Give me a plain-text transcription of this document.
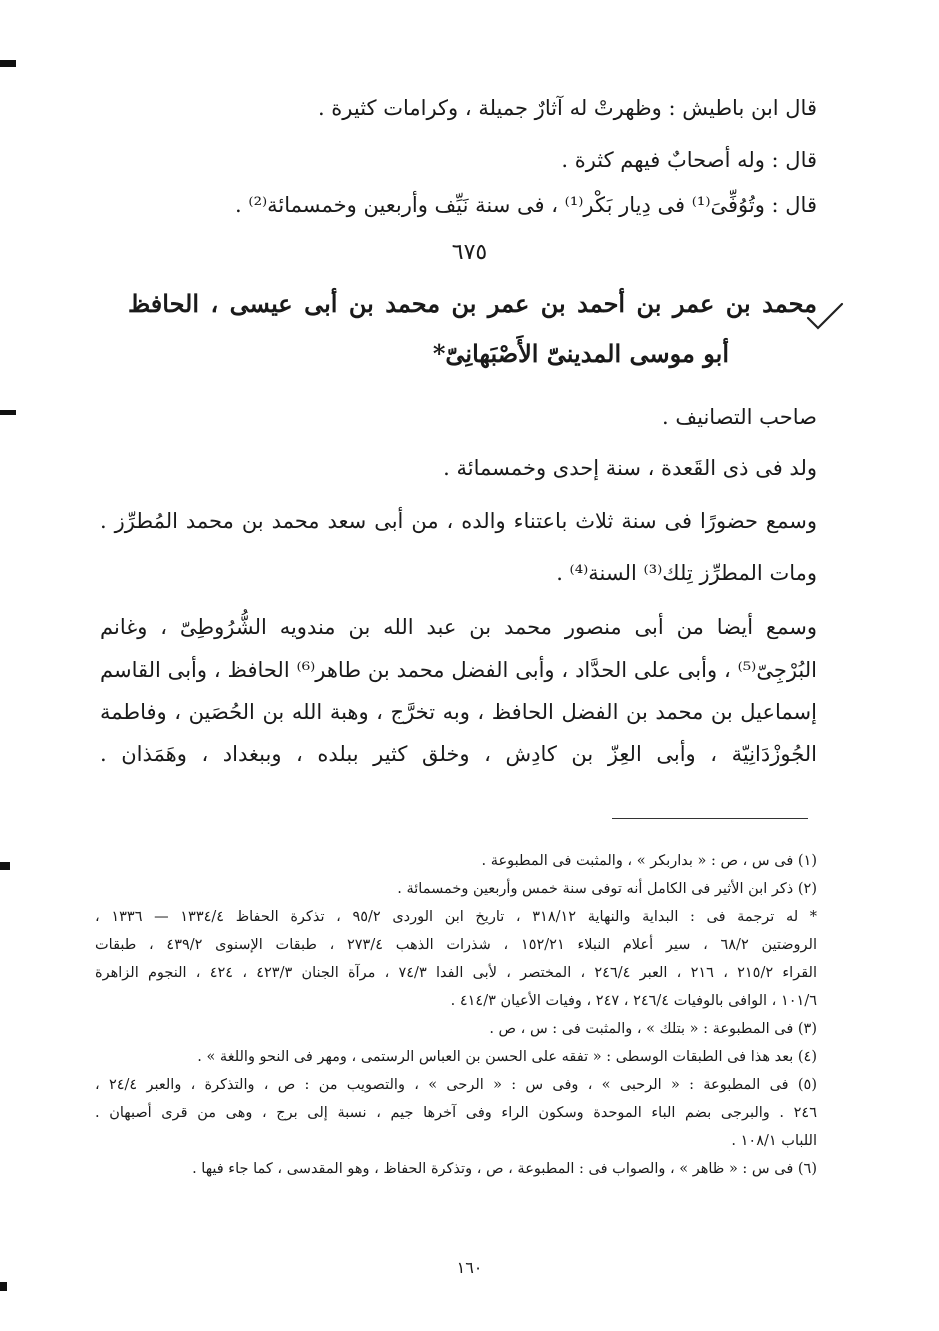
قال ابن باطيش : وظهرتْ له آثارٌ جميلة ، وكرامات كثيرة .
قال : وله أصحابٌ فيهم كثرة .
قال : وتُوُفِّىَ⁽¹⁾ فى دِيار بَكْر⁽¹⁾ ، فى سنة نَيِّف وأربعين وخمسمائة⁽²⁾ .
٦٧٥
محمد بن عمر بن أحمد بن عمر بن محمد بن أبى عيسى ، الحافظ
أبو موسى المدينىّ الأَصْبَهانِىّ*
صاحب التصانيف .
ولد فى ذى القَعدة ، سنة إحدى وخمسمائة .
وسمع حضورًا فى سنة ثلاث باعتناء والده ، من أبى سعد محمد بن محمد المُطرِّز .
ومات المطرِّز تِلك⁽³⁾ السنة⁽⁴⁾ .
وسمع أيضا من أبى منصور محمد بن عبد الله بن مندويه الشُّرُوطِىّ ، وغانم
البُرْجِىّ⁽⁵⁾ ، وأبى على الحدَّاد ، وأبى الفضل محمد بن طاهر⁽⁶⁾ الحافظ ، وأبى القاسم
إسماعيل بن محمد بن الفضل الحافظ ، وبه تخرَّج ، وهبة الله بن الحُصَين ، وفاطمة
الجُوزْدَانِيّة ، وأبى العِزّ بن كادِش ، وخلق كثير ببلده ، وببغداد ، وهَمَذان .
(١) فى س ، ص : « بداربكر » ، والمثبت فى المطبوعة .
(٢) ذكر ابن الأثير فى الكامل أنه توفى سنة خمس وأربعين وخمسمائة .
* له ترجمة فى : البداية والنهاية ٣١٨/١٢ ، تاريخ ابن الوردى ٩٥/٢ ، تذكرة الحفاظ ١٣٣٤/٤ — ١٣٣٦ ،
الروضتين ٦٨/٢ ، سير أعلام النبلاء ١٥٢/٢١ ، شذرات الذهب ٢٧٣/٤ ، طبقات الإسنوى ٤٣٩/٢ ، طبقات
القراء ٢١٥/٢ ، ٢١٦ ، العبر ٢٤٦/٤ ، المختصر ، لأبى الفدا ٧٤/٣ ، مرآة الجنان ٤٢٣/٣ ، ٤٢٤ ، النجوم الزاهرة
١٠١/٦ ، الوافى بالوفيات ٢٤٦/٤ ، ٢٤٧ ، وفيات الأعيان ٤١٤/٣ .
(٣) فى المطبوعة : « بتلك » ، والمثبت فى : س ، ص .
(٤) بعد هذا فى الطبقات الوسطى : « تفقه على الحسن بن العباس الرستمى ، ومهر فى النحو واللغة » .
(٥) فى المطبوعة : « الرحبى » ، وفى س : « الرحى » ، والتصويب من : ص ، والتذكرة ، والعبر ٢٤/٤ ،
٢٤٦ . والبرجى بضم الباء الموحدة وسكون الراء وفى آخرها جيم ، نسبة إلى برج ، وهى من قرى أصبهان .
اللباب ١٠٨/١ .
(٦) فى س : « ظاهر » ، والصواب فى : المطبوعة ، ص ، وتذكرة الحفاظ ، وهو المقدسى ، كما جاء فيها .
١٦٠
